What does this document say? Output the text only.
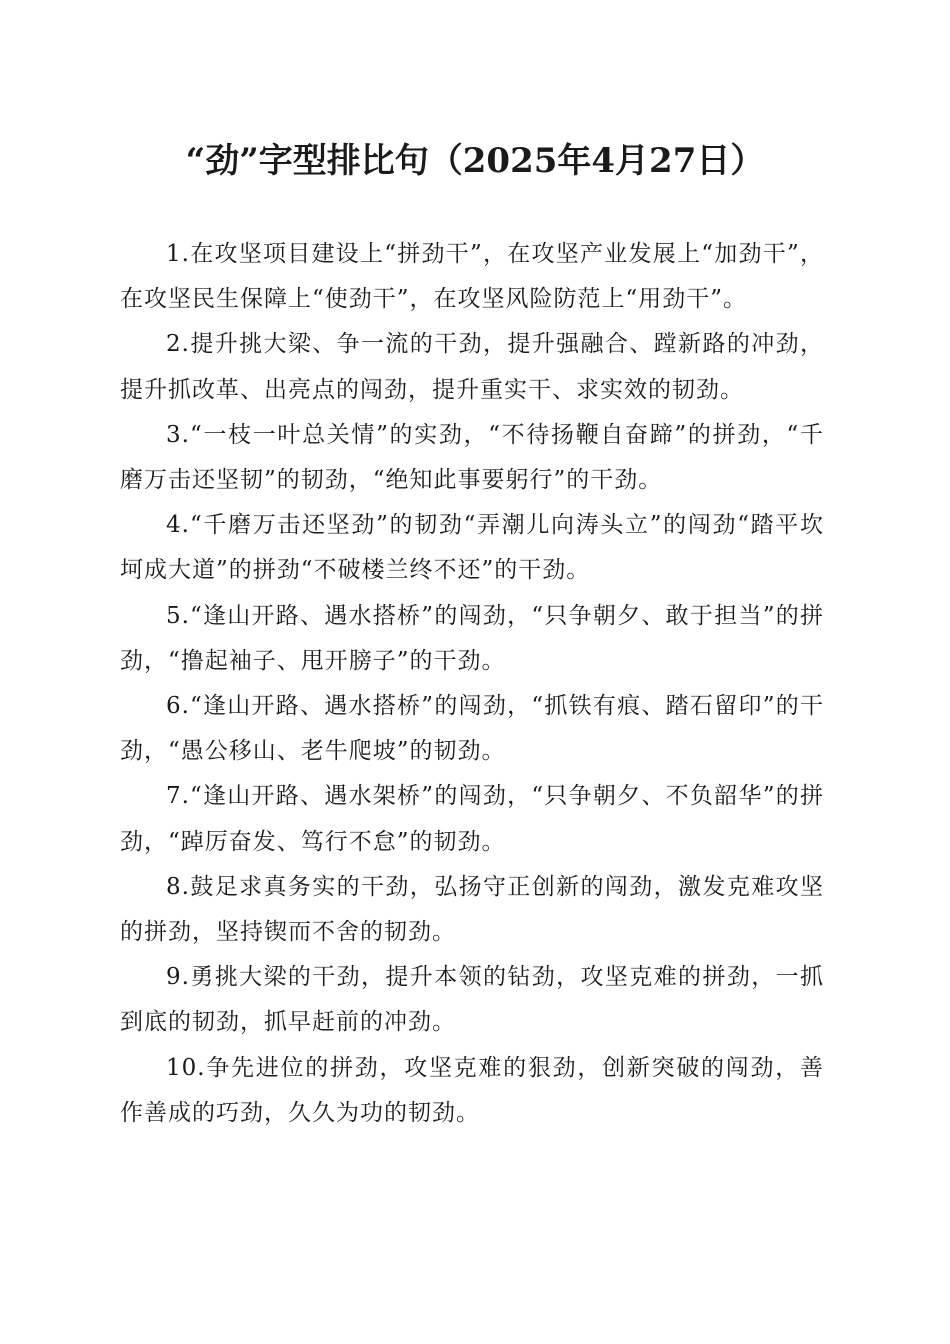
“劲”字型排比句（2025年4月27日）

1.在攻坚项目建设上“拼劲干”，在攻坚产业发展上“加劲干”，在攻坚民生保障上“使劲干”，在攻坚风险防范上“用劲干”。

2.提升挑大梁、争一流的干劲，提升强融合、蹚新路的冲劲，提升抓改革、出亮点的闯劲，提升重实干、求实效的韧劲。

3.“一枝一叶总关情”的实劲，“不待扬鞭自奋蹄”的拼劲，“千磨万击还坚韧”的韧劲，“绝知此事要躬行”的干劲。

4.“千磨万击还坚劲”的韧劲“弄潮儿向涛头立”的闯劲“踏平坎坷成大道”的拼劲“不破楼兰终不还”的干劲。

5.“逢山开路、遇水搭桥”的闯劲，“只争朝夕、敢于担当”的拼劲，“撸起袖子、甩开膀子”的干劲。

6.“逢山开路、遇水搭桥”的闯劲，“抓铁有痕、踏石留印”的干劲，“愚公移山、老牛爬坡”的韧劲。

7.“逢山开路、遇水架桥”的闯劲，“只争朝夕、不负韶华”的拼劲，“踔厉奋发、笃行不怠”的韧劲。

8.鼓足求真务实的干劲，弘扬守正创新的闯劲，激发克难攻坚的拼劲，坚持锲而不舍的韧劲。

9.勇挑大梁的干劲，提升本领的钻劲，攻坚克难的拼劲，一抓到底的韧劲，抓早赶前的冲劲。

10.争先进位的拼劲，攻坚克难的狠劲，创新突破的闯劲，善作善成的巧劲，久久为功的韧劲。
